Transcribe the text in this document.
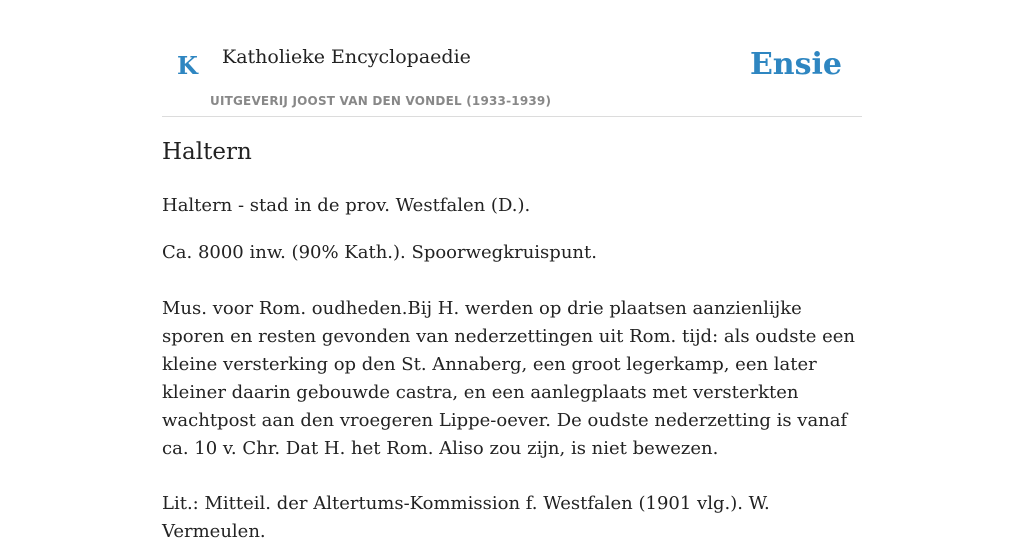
K Katholieke Encyclopaedie
UITGEVERIJ JOOST VAN DEN VONDEL (1933-1939)
Ensie
Haltern

Haltern - stad in de prov. Westfalen (D.).

Ca. 8000 inw. (90% Kath.). Spoorwegkruispunt.

Mus. voor Rom. oudheden.Bij H. werden op drie plaatsen aanzienlijke sporen en resten gevonden van nederzettingen uit Rom. tijd: als oudste een kleine versterking op den St. Annaberg, een groot legerkamp, een later kleiner daarin gebouwde castra, en een aanlegplaats met versterkten wachtpost aan den vroegeren Lippe-oever. De oudste nederzetting is vanaf ca. 10 v. Chr. Dat H. het Rom. Aliso zou zijn, is niet bewezen.

Lit.: Mitteil. der Altertums-Kommission f. Westfalen (1901 vlg.). W. Vermeulen.
